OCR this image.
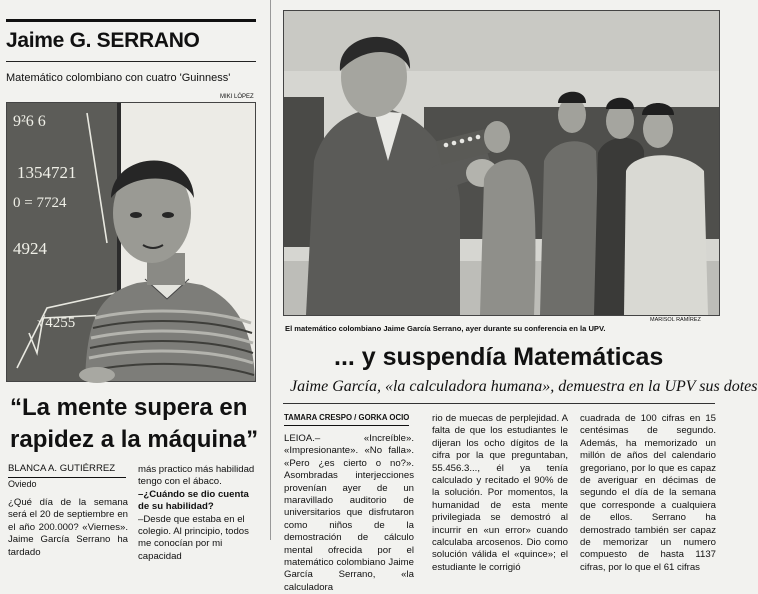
Jaime G. SERRANO
Matemático colombiano con cuatro 'Guinness'
MIKI LÓPEZ
9²6 6
1354721
0 = 7724
4924
√4255
“La mente supera en rapidez a la máquina”
BLANCA A. GUTIÉRREZ
Oviedo
¿Qué día de la semana será el 20 de septiembre en el año 200.000? «Viernes». Jaime García Serrano ha tardado
más practico más habilidad tengo con el ábaco.
–¿Cuándo se dio cuenta de su habilidad?
–Desde que estaba en el colegio. Al principio, todos me conocían por mi capacidad
MARISOL RAMÍREZ
El matemático colombiano Jaime García Serrano, ayer durante su conferencia en la UPV.
... y suspendía Matemáticas
Jaime García, «la calculadora humana», demuestra en la UPV sus dotes
TAMARA CRESPO / GORKA OCIO
LEIOA.– «Increíble». «Impresionante». «No falla». «Pero ¿es cierto o no?». Asombradas interjecciones provenían ayer de un maravillado auditorio de universitarios que disfrutaron como niños de la demostración de cálculo mental ofrecida por el matemático colombiano Jaime García Serrano, «la calculadora
rio de muecas de perplejidad. A falta de que los estudiantes le dijeran los ocho dígitos de la cifra por la que preguntaban, 55.456.3..., él ya tenía calculado y recitado el 90% de la solución. Por momentos, la humanidad de esta mente privilegiada se demostró al incurrir en «un error» cuando calculaba arcosenos. Dio como solución válida el «quince»; el estudiante le corrigió
cuadrada de 100 cifras en 15 centésimas de segundo. Además, ha memorizado un millón de años del calendario gregoriano, por lo que es capaz de averiguar en décimas de segundo el día de la semana que corresponde a cualquiera de ellos. Serrano ha demostrado también ser capaz de memorizar un numero compuesto de hasta 1137 cifras, por lo que el 61 cifras
